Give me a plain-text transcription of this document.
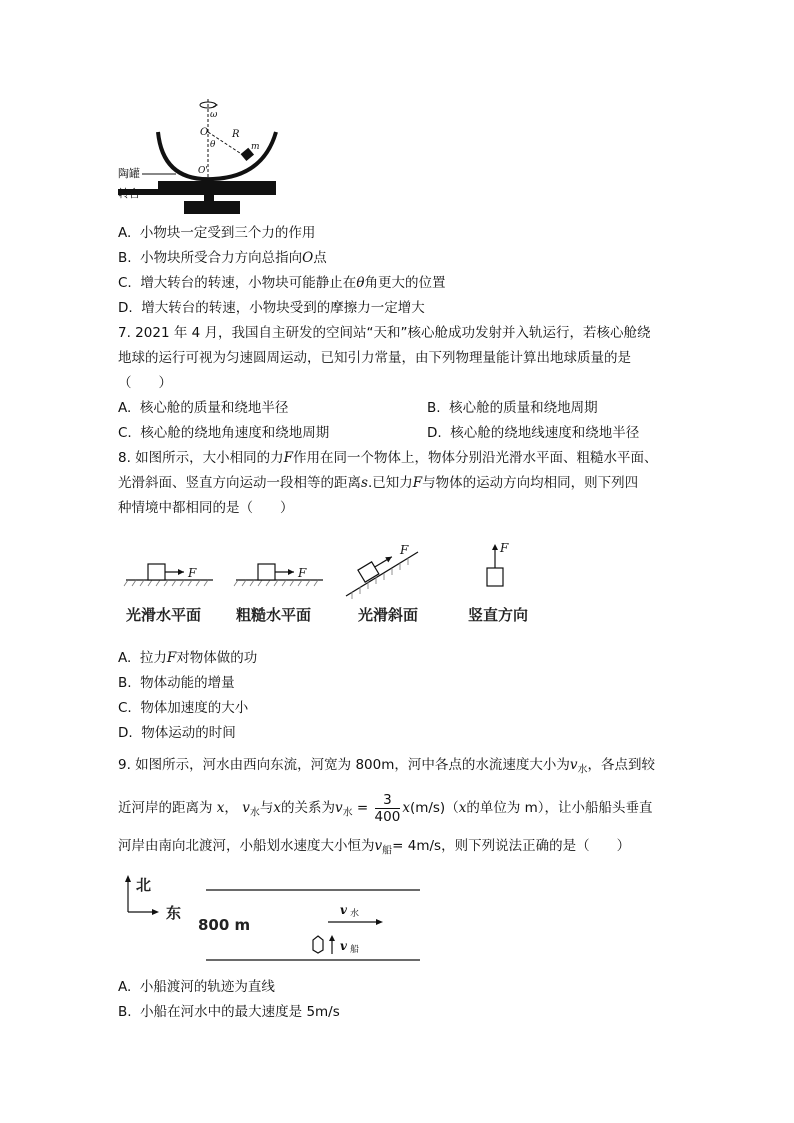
ω
O R
θ	m
O'
陶罐
转台
A. 小物块一定受到三个力的作用
B. 小物块所受合力方向总指向O点
C. 增大转台的转速，小物块可能静止在θ角更大的位置
D. 增大转台的转速，小物块受到的摩擦力一定增大
7. 2021 年 4 月，我国自主研发的空间站“天和”核心舱成功发射并入轨运行，若核心舱绕
地球的运行可视为匀速圆周运动，已知引力常量，由下列物理量能计算出地球质量的是
（　　）
A. 核心舱的质量和绕地半径	B. 核心舱的质量和绕地周期
C. 核心舱的绕地角速度和绕地周期	D. 核心舱的绕地线速度和绕地半径
8. 如图所示，大小相同的力F作用在同一个物体上，物体分别沿光滑水平面、粗糙水平面、
光滑斜面、竖直方向运动一段相等的距离s.已知力F与物体的运动方向均相同，则下列四
种情境中都相同的是（　　）
F
光滑水平面
F
粗糙水平面
F
光滑斜面
F
竖直方向
A. 拉力F对物体做的功
B. 物体动能的增量
C. 物体加速度的大小
D. 物体运动的时间
9. 如图所示，河水由西向东流，河宽为 800m，河中各点的水流速度大小为$v_水$，各点到较
近河岸的距离为 x， $v_水$与x的关系为$v_水 = \frac{3}{400} x(m/s)(x$的单位为 m），让小船船头垂直
河岸由南向北渡河，小船划水速度大小恒为$v_船= 4m/s$，则下列说法正确的是（　　）
北
东
800 m
v 水
v 船
A. 小船渡河的轨迹为直线
B. 小船在河水中的最大速度是 5m/s
